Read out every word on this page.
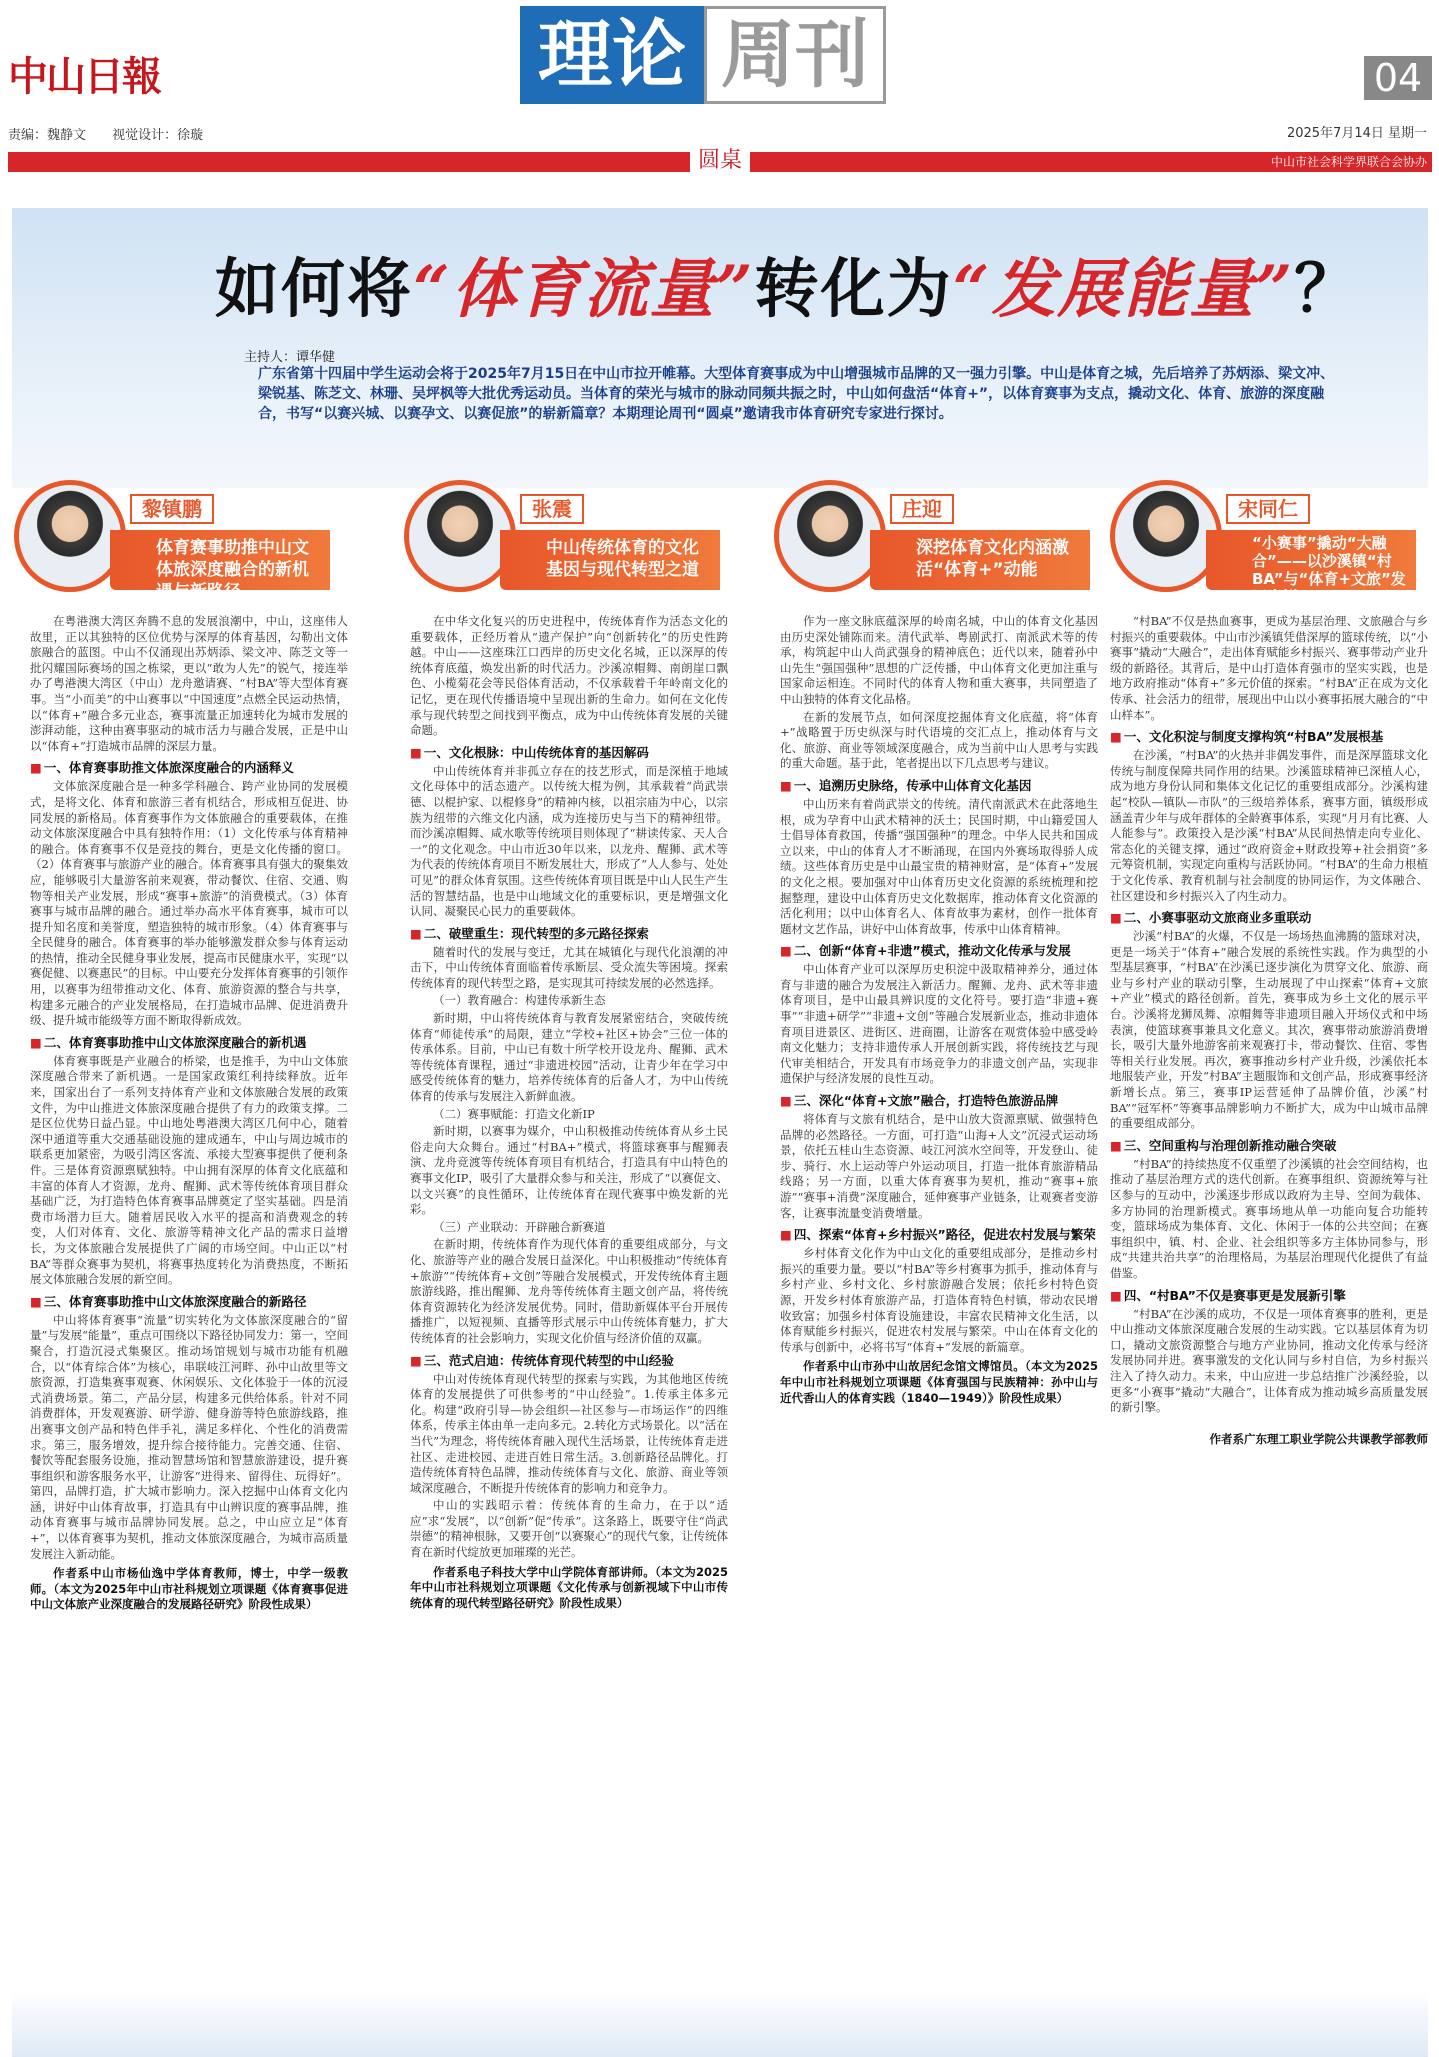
中山日報	理论 周刊	04
责编：魏静文 视觉设计：徐璇	2025年7月14日 星期一
圆桌	中山市社会科学界联合会协办
如何将“体育流量”转化为“发展能量”？
主持人：谭华健
广东省第十四届中学生运动会将于2025年7月15日在中山市拉开帷幕。大型体育赛事成为中山增强城市品牌的又一强力引擎。中山是体育之城，先后培养了苏炳添、梁文冲、梁锐基、陈芝文、林珊、吴坪枫等大批优秀运动员。当体育的荣光与城市的脉动同频共振之时，中山如何盘活“体育+”，以体育赛事为支点，撬动文化、体育、旅游的深度融合，书写“以赛兴城、以赛孕文、以赛促旅”的崭新篇章？本期理论周刊“圆桌”邀请我市体育研究专家进行探讨。
黎镇鹏
体育赛事助推中山文体旅深度融合的新机遇与新路径
张震
中山传统体育的文化基因与现代转型之道
庄迎
深挖体育文化内涵激活“体育+”动能
宋同仁
“小赛事”撬动“大融合”——以沙溪镇“村BA”与“体育+文旅”发展为例

在粤港澳大湾区奔腾不息的发展浪潮中，中山，这座伟人故里，正以其独特的区位优势与深厚的体育基因，勾勒出文体旅融合的蓝图。中山不仅涌现出苏炳添、梁文冲、陈芝文等一批闪耀国际赛场的国之栋梁，更以“敢为人先”的锐气，接连举办了粤港澳大湾区（中山）龙舟邀请赛、“村BA”等大型体育赛事。当“小而美”的中山赛事以“中国速度”点燃全民运动热情，以“体育+”融合多元业态，赛事流量正加速转化为城市发展的澎湃动能，这种由赛事驱动的城市活力与融合发展，正是中山以“体育+”打造城市品牌的深层力量。

■ 一、体育赛事助推文体旅深度融合的内涵释义

文体旅深度融合是一种多学科融合、跨产业协同的发展模式，是将文化、体育和旅游三者有机结合，形成相互促进、协同发展的新格局。体育赛事作为文体旅融合的重要载体，在推动文体旅深度融合中具有独特作用：（1）文化传承与体育精神的融合。体育赛事不仅是竞技的舞台，更是文化传播的窗口。（2）体育赛事与旅游产业的融合。体育赛事具有强大的聚集效应，能够吸引大量游客前来观赛，带动餐饮、住宿、交通、购物等相关产业发展，形成“赛事+旅游”的消费模式。（3）体育赛事与城市品牌的融合。通过举办高水平体育赛事，城市可以提升知名度和美誉度，塑造独特的城市形象。（4）体育赛事与全民健身的融合。体育赛事的举办能够激发群众参与体育运动的热情，推动全民健身事业发展，提高市民健康水平，实现“以赛促健、以赛惠民”的目标。中山要充分发挥体育赛事的引领作用，以赛事为纽带推动文化、体育、旅游资源的整合与共享，构建多元融合的产业发展格局，在打造城市品牌、促进消费升级、提升城市能级等方面不断取得新成效。

■ 二、体育赛事助推中山文体旅深度融合的新机遇

体育赛事既是产业融合的桥梁，也是推手，为中山文体旅深度融合带来了新机遇。一是国家政策红利持续释放。近年来，国家出台了一系列支持体育产业和文体旅融合发展的政策文件，为中山推进文体旅深度融合提供了有力的政策支撑。二是区位优势日益凸显。中山地处粤港澳大湾区几何中心，随着深中通道等重大交通基础设施的建成通车，中山与周边城市的联系更加紧密，为吸引湾区客流、承接大型赛事提供了便利条件。三是体育资源禀赋独特。中山拥有深厚的体育文化底蕴和丰富的体育人才资源，龙舟、醒狮、武术等传统体育项目群众基础广泛，为打造特色体育赛事品牌奠定了坚实基础。四是消费市场潜力巨大。随着居民收入水平的提高和消费观念的转变，人们对体育、文化、旅游等精神文化产品的需求日益增长，为文体旅融合发展提供了广阔的市场空间。中山正以“村BA”等群众赛事为契机，将赛事热度转化为消费热度，不断拓展文体旅融合发展的新空间。

■ 三、体育赛事助推中山文体旅深度融合的新路径

中山将体育赛事“流量”切实转化为文体旅深度融合的“留量”与发展“能量”，重点可围绕以下路径协同发力：第一，空间聚合，打造沉浸式集聚区。推动场馆规划与城市功能有机融合，以“体育综合体”为核心，串联岐江河畔、孙中山故里等文旅资源，打造集赛事观赛、休闲娱乐、文化体验于一体的沉浸式消费场景。第二，产品分层，构建多元供给体系。针对不同消费群体，开发观赛游、研学游、健身游等特色旅游线路，推出赛事文创产品和特色伴手礼，满足多样化、个性化的消费需求。第三，服务增效，提升综合接待能力。完善交通、住宿、餐饮等配套服务设施，推动智慧场馆和智慧旅游建设，提升赛事组织和游客服务水平，让游客“进得来、留得住、玩得好”。第四，品牌打造，扩大城市影响力。深入挖掘中山体育文化内涵，讲好中山体育故事，打造具有中山辨识度的赛事品牌，推动体育赛事与城市品牌协同发展。总之，中山应立足“体育+”，以体育赛事为契机，推动文体旅深度融合，为城市高质量发展注入新动能。

作者系中山市杨仙逸中学体育教师，博士，中学一级教师。（本文为2025年中山市社科规划立项课题《体育赛事促进中山文体旅产业深度融合的发展路径研究》阶段性成果）

在中华文化复兴的历史进程中，传统体育作为活态文化的重要载体，正经历着从“遗产保护”向“创新转化”的历史性跨越。中山——这座珠江口西岸的历史文化名城，正以深厚的传统体育底蕴，焕发出新的时代活力。沙溪凉帽舞、南朗崖口飘色、小榄菊花会等民俗体育活动，不仅承载着千年岭南文化的记忆，更在现代传播语境中呈现出新的生命力。如何在文化传承与现代转型之间找到平衡点，成为中山传统体育发展的关键命题。

■ 一、文化根脉：中山传统体育的基因解码

中山传统体育并非孤立存在的技艺形式，而是深植于地域文化母体中的活态遗产。以传统大棍为例，其承载着“尚武崇德、以棍护家、以棍修身”的精神内核，以祖宗庙为中心，以宗族为纽带的六维文化内涵，成为连接历史与当下的精神纽带。而沙溪凉帽舞、咸水歌等传统项目则体现了“耕读传家、天人合一”的文化观念。中山市近30年以来，以龙舟、醒狮、武术等为代表的传统体育项目不断发展壮大，形成了“人人参与、处处可见”的群众体育氛围。这些传统体育项目既是中山人民生产生活的智慧结晶，也是中山地域文化的重要标识，更是增强文化认同、凝聚民心民力的重要载体。

■ 二、破壁重生：现代转型的多元路径探索

随着时代的发展与变迁，尤其在城镇化与现代化浪潮的冲击下，中山传统体育面临着传承断层、受众流失等困境。探索传统体育的现代转型之路，是实现其可持续发展的必然选择。

（一）教育融合：构建传承新生态

新时期，中山将传统体育与教育发展紧密结合，突破传统体育“师徒传承”的局限，建立“学校+社区+协会”三位一体的传承体系。目前，中山已有数十所学校开设龙舟、醒狮、武术等传统体育课程，通过“非遗进校园”活动，让青少年在学习中感受传统体育的魅力，培养传统体育的后备人才，为中山传统体育的传承与发展注入新鲜血液。

（二）赛事赋能：打造文化新IP

新时期，以赛事为媒介，中山积极推动传统体育从乡土民俗走向大众舞台。通过“村BA+”模式，将篮球赛事与醒狮表演、龙舟竞渡等传统体育项目有机结合，打造具有中山特色的赛事文化IP，吸引了大量群众参与和关注，形成了“以赛促文、以文兴赛”的良性循环，让传统体育在现代赛事中焕发新的光彩。

（三）产业联动：开辟融合新赛道

在新时期，传统体育作为现代体育的重要组成部分，与文化、旅游等产业的融合发展日益深化。中山积极推动“传统体育+旅游”“传统体育+文创”等融合发展模式，开发传统体育主题旅游线路，推出醒狮、龙舟等传统体育主题文创产品，将传统体育资源转化为经济发展优势。同时，借助新媒体平台开展传播推广，以短视频、直播等形式展示中山传统体育魅力，扩大传统体育的社会影响力，实现文化价值与经济价值的双赢。

■ 三、范式启迪：传统体育现代转型的中山经验

中山对传统体育现代转型的探索与实践，为其他地区传统体育的发展提供了可供参考的“中山经验”。1.传承主体多元化。构建“政府引导—协会组织—社区参与—市场运作”的四维体系，传承主体由单一走向多元。2.转化方式场景化。以“活在当代”为理念，将传统体育融入现代生活场景，让传统体育走进社区、走进校园、走进百姓日常生活。3.创新路径品牌化。打造传统体育特色品牌，推动传统体育与文化、旅游、商业等领域深度融合，不断提升传统体育的影响力和竞争力。

中山的实践昭示着：传统体育的生命力，在于以“适应”求“发展”，以“创新”促“传承”。这条路上，既要守住“尚武崇德”的精神根脉，又要开创“以赛聚心”的现代气象，让传统体育在新时代绽放更加璀璨的光芒。

作者系电子科技大学中山学院体育部讲师。（本文为2025年中山市社科规划立项课题《文化传承与创新视域下中山市传统体育的现代转型路径研究》阶段性成果）

作为一座文脉底蕴深厚的岭南名城，中山的体育文化基因由历史深处铺陈而来。清代武举、粤剧武打、南派武术等的传承，构筑起中山人尚武强身的精神底色；近代以来，随着孙中山先生“强国强种”思想的广泛传播，中山体育文化更加注重与国家命运相连。不同时代的体育人物和重大赛事，共同塑造了中山独特的体育文化品格。

在新的发展节点，如何深度挖掘体育文化底蕴，将“体育+”战略置于历史纵深与时代语境的交汇点上，推动体育与文化、旅游、商业等领域深度融合，成为当前中山人思考与实践的重大命题。基于此，笔者提出以下几点思考与建议。

■ 一、追溯历史脉络，传承中山体育文化基因

中山历来有着尚武崇文的传统。清代南派武术在此落地生根，成为孕育中山武术精神的沃土；民国时期，中山籍爱国人士倡导体育救国，传播“强国强种”的理念。中华人民共和国成立以来，中山的体育人才不断涌现，在国内外赛场取得骄人成绩。这些体育历史是中山最宝贵的精神财富，是“体育+”发展的文化之根。要加强对中山体育历史文化资源的系统梳理和挖掘整理，建设中山体育历史文化数据库，推动体育文化资源的活化利用；以中山体育名人、体育故事为素材，创作一批体育题材文艺作品，讲好中山体育故事，传承中山体育精神。

■ 二、创新“体育+非遗”模式，推动文化传承与发展

中山体育产业可以深厚历史积淀中汲取精神养分，通过体育与非遗的融合为发展注入新活力。醒狮、龙舟、武术等非遗体育项目，是中山最具辨识度的文化符号。要打造“非遗+赛事”“非遗+研学”“非遗+文创”等融合发展新业态，推动非遗体育项目进景区、进街区、进商圈，让游客在观赏体验中感受岭南文化魅力；支持非遗传承人开展创新实践，将传统技艺与现代审美相结合，开发具有市场竞争力的非遗文创产品，实现非遗保护与经济发展的良性互动。

■ 三、深化“体育+文旅”融合，打造特色旅游品牌

将体育与文旅有机结合，是中山放大资源禀赋、做强特色品牌的必然路径。一方面，可打造“山海+人文”沉浸式运动场景，依托五桂山生态资源、岐江河滨水空间等，开发登山、徒步、骑行、水上运动等户外运动项目，打造一批体育旅游精品线路；另一方面，以重大体育赛事为契机，推动“赛事+旅游”“赛事+消费”深度融合，延伸赛事产业链条，让观赛者变游客，让赛事流量变消费增量。

■ 四、探索“体育+乡村振兴”路径，促进农村发展与繁荣

乡村体育文化作为中山文化的重要组成部分，是推动乡村振兴的重要力量。要以“村BA”等乡村赛事为抓手，推动体育与乡村产业、乡村文化、乡村旅游融合发展；依托乡村特色资源，开发乡村体育旅游产品，打造体育特色村镇，带动农民增收致富；加强乡村体育设施建设，丰富农民精神文化生活，以体育赋能乡村振兴，促进农村发展与繁荣。中山在体育文化的传承与创新中，必将书写“体育+”发展的新篇章。

作者系中山市孙中山故居纪念馆文博馆员。（本文为2025年中山市社科规划立项课题《体育强国与民族精神：孙中山与近代香山人的体育实践（1840—1949）》阶段性成果）

“村BA”不仅是热血赛事，更成为基层治理、文旅融合与乡村振兴的重要载体。中山市沙溪镇凭借深厚的篮球传统，以“小赛事”撬动“大融合”，走出体育赋能乡村振兴、赛事带动产业升级的新路径。其背后，是中山打造体育强市的坚实实践，也是地方政府推动“体育+”多元价值的探索。“村BA”正在成为文化传承、社会活力的纽带，展现出中山以小赛事拓展大融合的“中山样本”。

■ 一、文化积淀与制度支撑构筑“村BA”发展根基

在沙溪，“村BA”的火热并非偶发事件，而是深厚篮球文化传统与制度保障共同作用的结果。沙溪篮球精神已深植人心，成为地方身份认同和集体文化记忆的重要组成部分。沙溪构建起“校队—镇队—市队”的三级培养体系，赛事方面，镇级形成涵盖青少年与成年群体的全龄赛事体系，实现“月月有比赛、人人能参与”。政策投入是沙溪“村BA”从民间热情走向专业化、常态化的关键支撑，通过“政府资金+财政投筹+社会捐资”多元筹资机制，实现定向重构与活跃协同。“村BA”的生命力根植于文化传承、教育机制与社会制度的协同运作，为文体融合、社区建设和乡村振兴入了内生动力。

■ 二、小赛事驱动文旅商业多重联动

沙溪“村BA”的火爆，不仅是一场场热血沸腾的篮球对决，更是一场关于“体育+”融合发展的系统性实践。作为典型的小型基层赛事，“村BA”在沙溪已逐步演化为贯穿文化、旅游、商业与乡村产业的联动引擎，生动展现了中山探索“体育+文旅+产业”模式的路径创新。首先，赛事成为乡土文化的展示平台。沙溪将龙狮凤舞、凉帽舞等非遗项目融入开场仪式和中场表演，使篮球赛事兼具文化意义。其次，赛事带动旅游消费增长，吸引大量外地游客前来观赛打卡，带动餐饮、住宿、零售等相关行业发展。再次，赛事推动乡村产业升级，沙溪依托本地服装产业，开发“村BA”主题服饰和文创产品，形成赛事经济新增长点。第三，赛事IP运营延伸了品牌价值，沙溪“村BA”“冠军杯”等赛事品牌影响力不断扩大，成为中山城市品牌的重要组成部分。

■ 三、空间重构与治理创新推动融合突破

“村BA”的持续热度不仅重塑了沙溪镇的社会空间结构，也推动了基层治理方式的迭代创新。在赛事组织、资源统筹与社区参与的互动中，沙溪逐步形成以政府为主导、空间为载体、多方协同的治理新模式。赛事场地从单一功能向复合功能转变，篮球场成为集体育、文化、休闲于一体的公共空间；在赛事组织中，镇、村、企业、社会组织等多方主体协同参与，形成“共建共治共享”的治理格局，为基层治理现代化提供了有益借鉴。

■ 四、“村BA”不仅是赛事更是发展新引擎

“村BA”在沙溪的成功，不仅是一项体育赛事的胜利，更是中山推动文体旅深度融合发展的生动实践。它以基层体育为切口，撬动文旅资源整合与地方产业协同，推动文化传承与经济发展协同并进。赛事激发的文化认同与乡村自信，为乡村振兴注入了持久动力。未来，中山应进一步总结推广沙溪经验，以更多“小赛事”撬动“大融合”，让体育成为推动城乡高质量发展的新引擎。

作者系广东理工职业学院公共课教学部教师
